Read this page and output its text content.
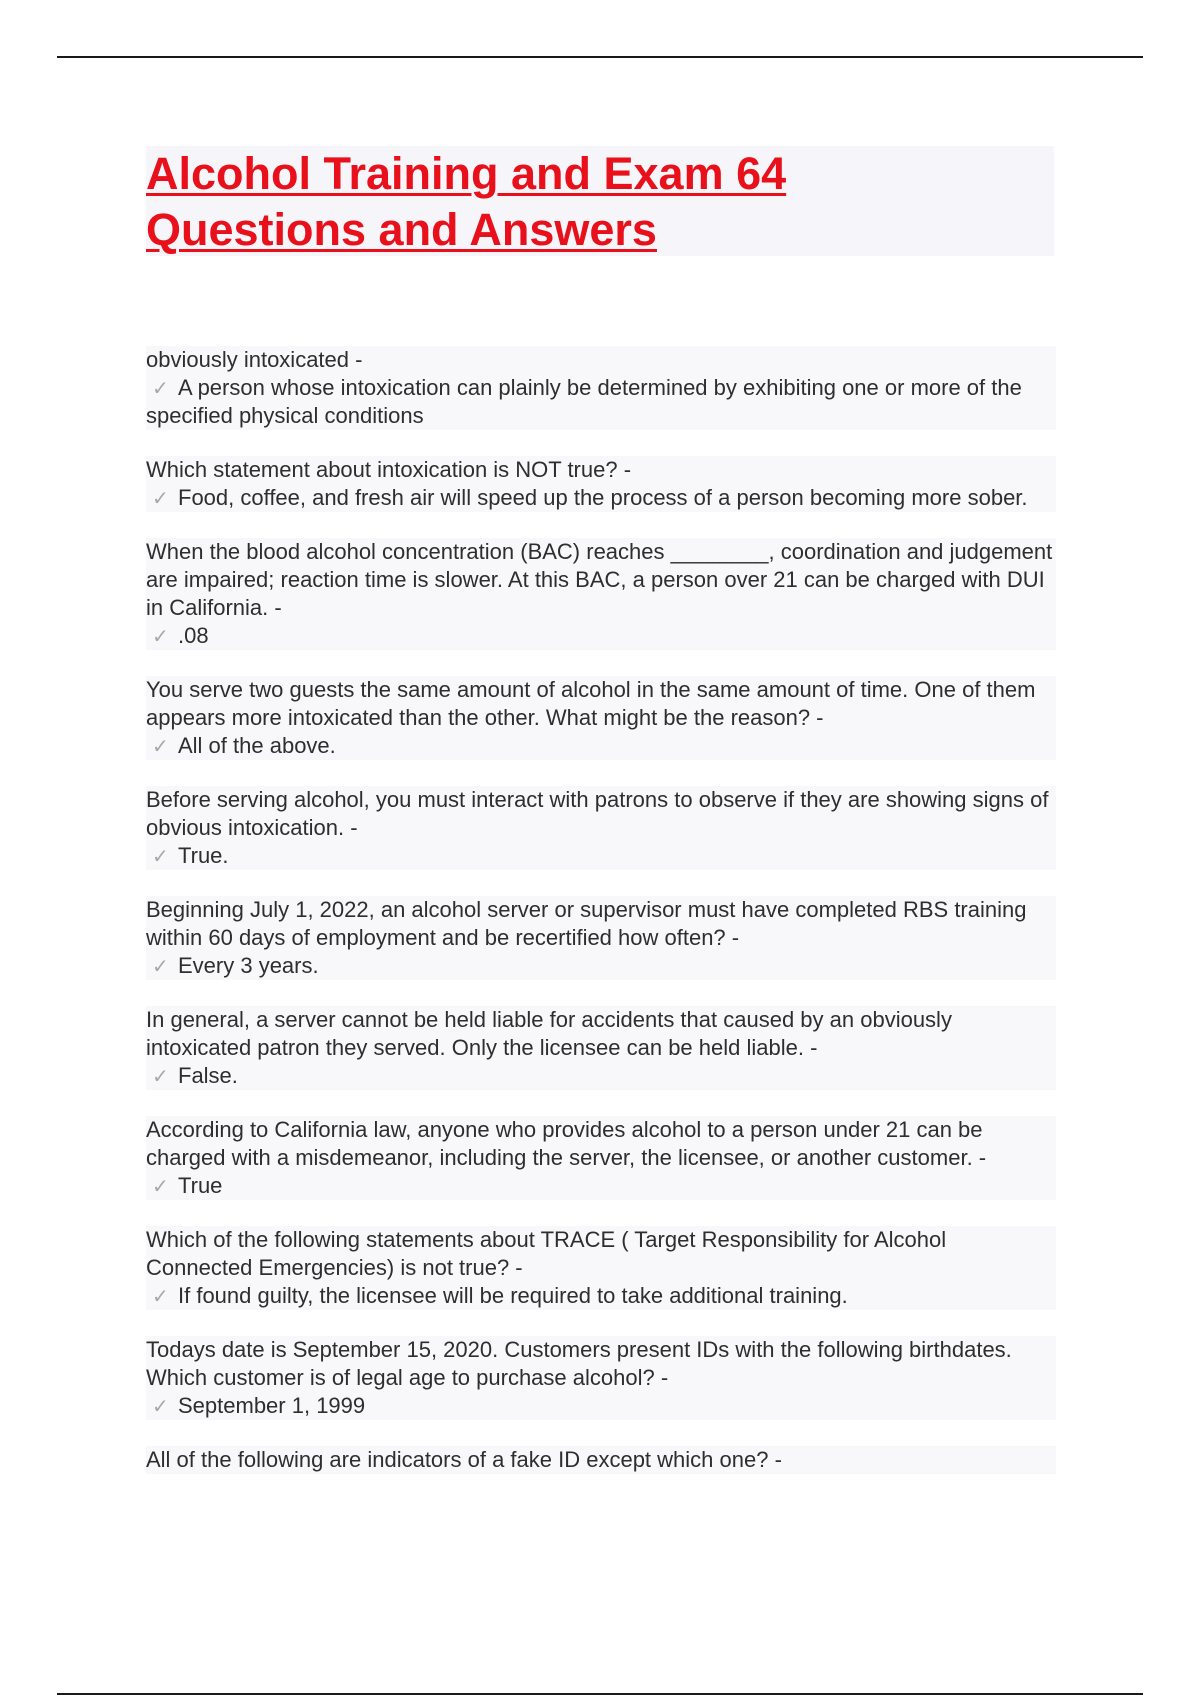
Alcohol Training and Exam 64
Questions and Answers
obviously intoxicated -
✓ A person whose intoxication can plainly be determined by exhibiting one or more of the specified physical conditions

Which statement about intoxication is NOT true? -
✓ Food, coffee, and fresh air will speed up the process of a person becoming more sober.

When the blood alcohol concentration (BAC) reaches ________, coordination and judgement are impaired; reaction time is slower. At this BAC, a person over 21 can be charged with DUI in California. -
✓ .08

You serve two guests the same amount of alcohol in the same amount of time. One of them appears more intoxicated than the other. What might be the reason? -
✓ All of the above.

Before serving alcohol, you must interact with patrons to observe if they are showing signs of obvious intoxication. -
✓ True.

Beginning July 1, 2022, an alcohol server or supervisor must have completed RBS training within 60 days of employment and be recertified how often? -
✓ Every 3 years.

In general, a server cannot be held liable for accidents that caused by an obviously intoxicated patron they served. Only the licensee can be held liable. -
✓ False.

According to California law, anyone who provides alcohol to a person under 21 can be charged with a misdemeanor, including the server, the licensee, or another customer. -
✓ True

Which of the following statements about TRACE ( Target Responsibility for Alcohol Connected Emergencies) is not true? -
✓ If found guilty, the licensee will be required to take additional training.

Todays date is September 15, 2020. Customers present IDs with the following birthdates. Which customer is of legal age to purchase alcohol? -
✓ September 1, 1999

All of the following are indicators of a fake ID except which one? -
